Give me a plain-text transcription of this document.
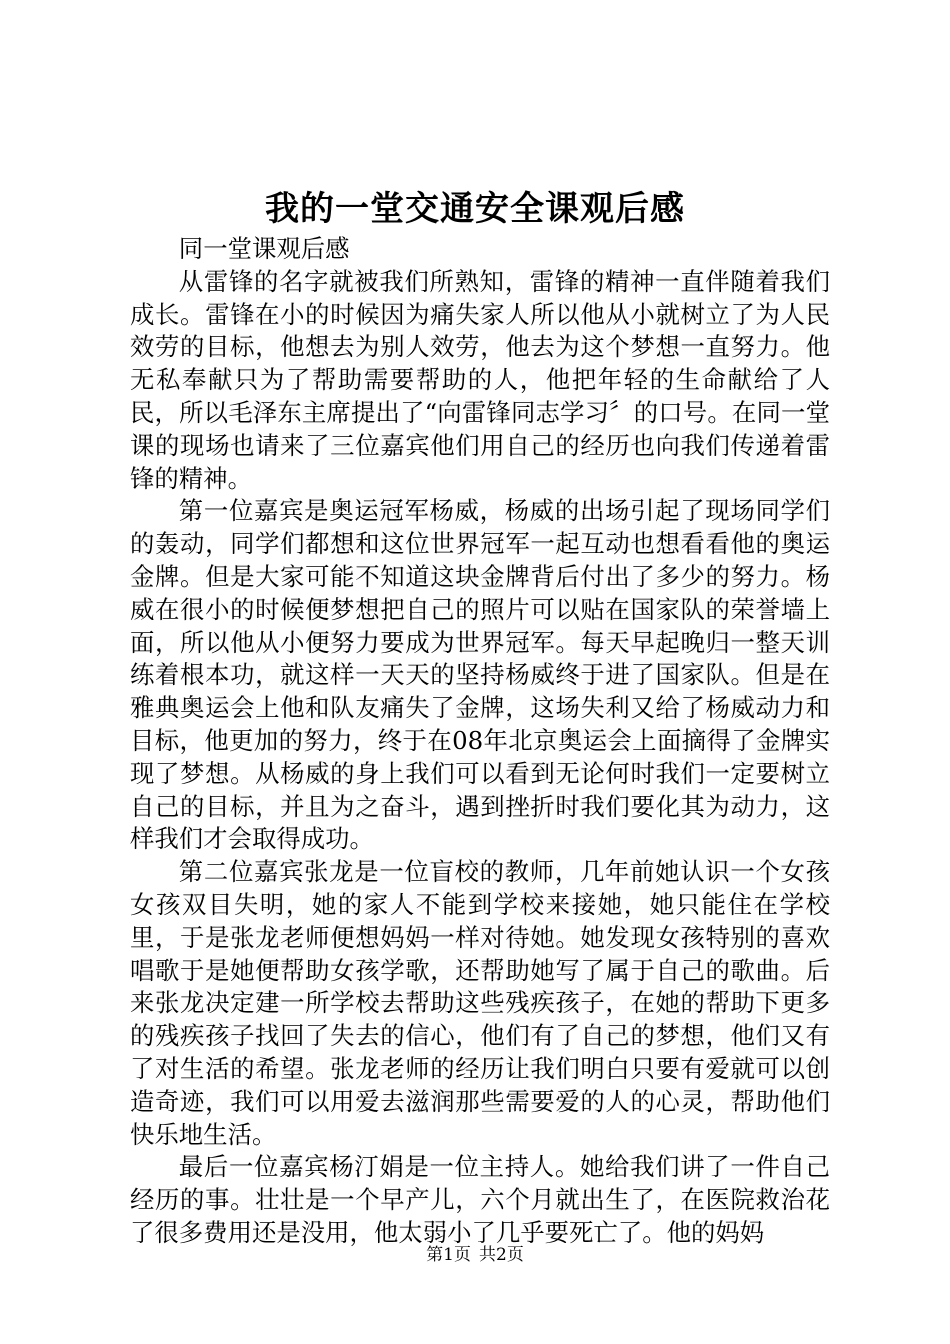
我的一堂交通安全课观后感

同一堂课观后感

从雷锋的名字就被我们所熟知，雷锋的精神一直伴随着我们成长。雷锋在小的时候因为痛失家人所以他从小就树立了为人民效劳的目标，他想去为别人效劳，他去为这个梦想一直努力。他无私奉献只为了帮助需要帮助的人，他把年轻的生命献给了人民，所以毛泽东主席提出了“向雷锋同志学习〞的口号。在同一堂课的现场也请来了三位嘉宾他们用自己的经历也向我们传递着雷锋的精神。

第一位嘉宾是奥运冠军杨威，杨威的出场引起了现场同学们的轰动，同学们都想和这位世界冠军一起互动也想看看他的奥运金牌。但是大家可能不知道这块金牌背后付出了多少的努力。杨威在很小的时候便梦想把自己的照片可以贴在国家队的荣誉墙上面，所以他从小便努力要成为世界冠军。每天早起晚归一整天训练着根本功，就这样一天天的坚持杨威终于进了国家队。但是在雅典奥运会上他和队友痛失了金牌，这场失利又给了杨威动力和目标，他更加的努力，终于在08年北京奥运会上面摘得了金牌实现了梦想。从杨威的身上我们可以看到无论何时我们一定要树立自己的目标，并且为之奋斗，遇到挫折时我们要化其为动力，这样我们才会取得成功。

第二位嘉宾张龙是一位盲校的教师，几年前她认识一个女孩女孩双目失明，她的家人不能到学校来接她，她只能住在学校里，于是张龙老师便想妈妈一样对待她。她发现女孩特别的喜欢唱歌于是她便帮助女孩学歌，还帮助她写了属于自己的歌曲。后来张龙决定建一所学校去帮助这些残疾孩子，在她的帮助下更多的残疾孩子找回了失去的信心，他们有了自己的梦想，他们又有了对生活的希望。张龙老师的经历让我们明白只要有爱就可以创造奇迹，我们可以用爱去滋润那些需要爱的人的心灵，帮助他们快乐地生活。

最后一位嘉宾杨汀娟是一位主持人。她给我们讲了一件自己经历的事。壮壮是一个早产儿，六个月就出生了，在医院救治花了很多费用还是没用，他太弱小了几乎要死亡了。他的妈妈

第1页 共2页
